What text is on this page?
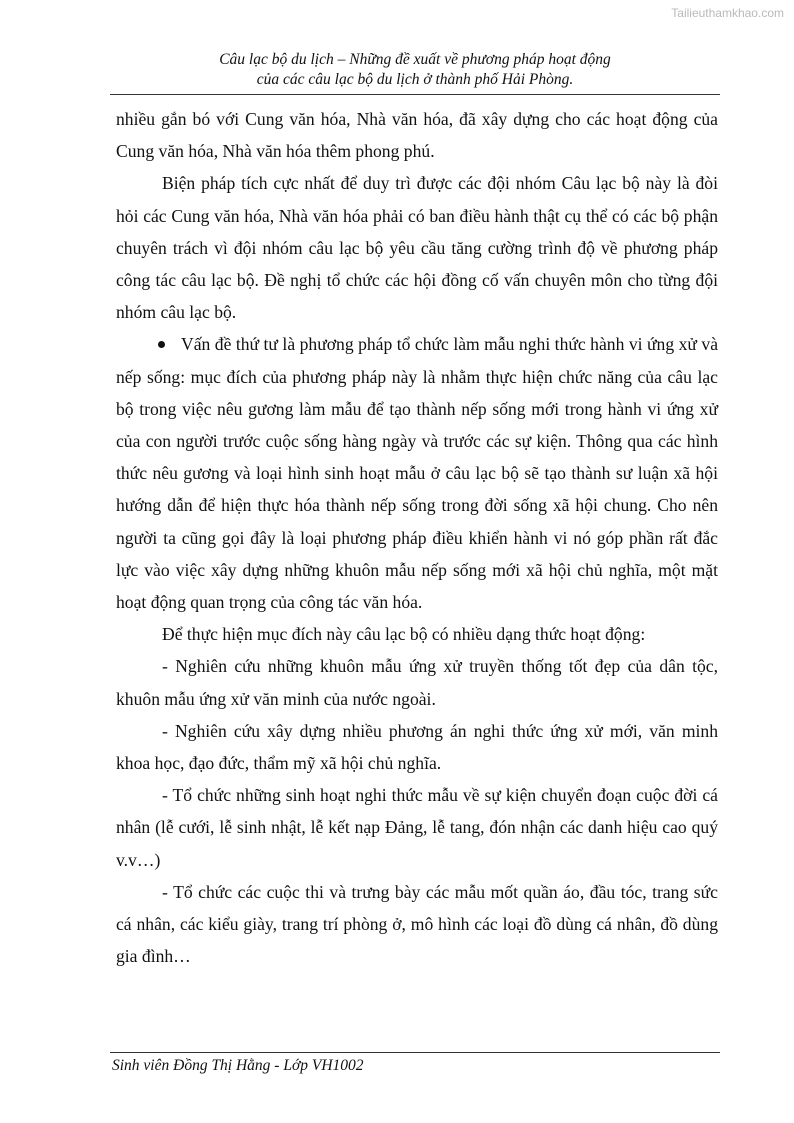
Tailieuthamkhao.com
Câu lạc bộ du lịch – Những đề xuất về phương pháp hoạt động
của các câu lạc bộ du lịch ở thành phố Hải Phòng.

nhiều gắn bó với Cung văn hóa, Nhà văn hóa, đã xây dựng cho các hoạt động của Cung văn hóa, Nhà văn hóa thêm phong phú.

Biện pháp tích cực nhất để duy trì được các đội nhóm Câu lạc bộ này là đòi hỏi các Cung văn hóa, Nhà văn hóa phải có ban điều hành thật cụ thể có các bộ phận chuyên trách vì đội nhóm câu lạc bộ yêu cầu tăng cường trình độ về phương pháp công tác câu lạc bộ. Đề nghị tổ chức các hội đồng cố vấn chuyên môn cho từng đội nhóm câu lạc bộ.

Vấn đề thứ tư là phương pháp tổ chức làm mẫu nghi thức hành vi ứng xử và nếp sống: mục đích của phương pháp này là nhằm thực hiện chức năng của câu lạc bộ trong việc nêu gương làm mẫu để tạo thành nếp sống mới trong hành vi ứng xử của con người trước cuộc sống hàng ngày và trước các sự kiện. Thông qua các hình thức nêu gương và loại hình sinh hoạt mẫu ở câu lạc bộ sẽ tạo thành sư luận xã hội hướng dẫn để hiện thực hóa thành nếp sống trong đời sống xã hội chung. Cho nên người ta cũng gọi đây là loại phương pháp điều khiển hành vi nó góp phần rất đắc lực vào việc xây dựng những khuôn mẫu nếp sống mới xã hội chủ nghĩa, một mặt hoạt động quan trọng của công tác văn hóa.

Để thực hiện mục đích này câu lạc bộ có nhiều dạng thức hoạt động:

- Nghiên cứu những khuôn mẫu ứng xử truyền thống tốt đẹp của dân tộc, khuôn mẫu ứng xử văn minh của nước ngoài.

- Nghiên cứu xây dựng nhiều phương án nghi thức ứng xử mới, văn minh khoa học, đạo đức, thẩm mỹ xã hội chủ nghĩa.

- Tổ chức những sinh hoạt nghi thức mẫu về sự kiện chuyển đoạn cuộc đời cá nhân (lễ cưới, lễ sinh nhật, lễ kết nạp Đảng, lễ tang, đón nhận các danh hiệu cao quý v.v…)

- Tổ chức các cuộc thi và trưng bày các mẫu mốt quần áo, đầu tóc, trang sức cá nhân, các kiểu giày, trang trí phòng ở, mô hình các loại đồ dùng cá nhân, đồ dùng gia đình…

Sinh viên Đồng Thị Hằng - Lớp VH1002
